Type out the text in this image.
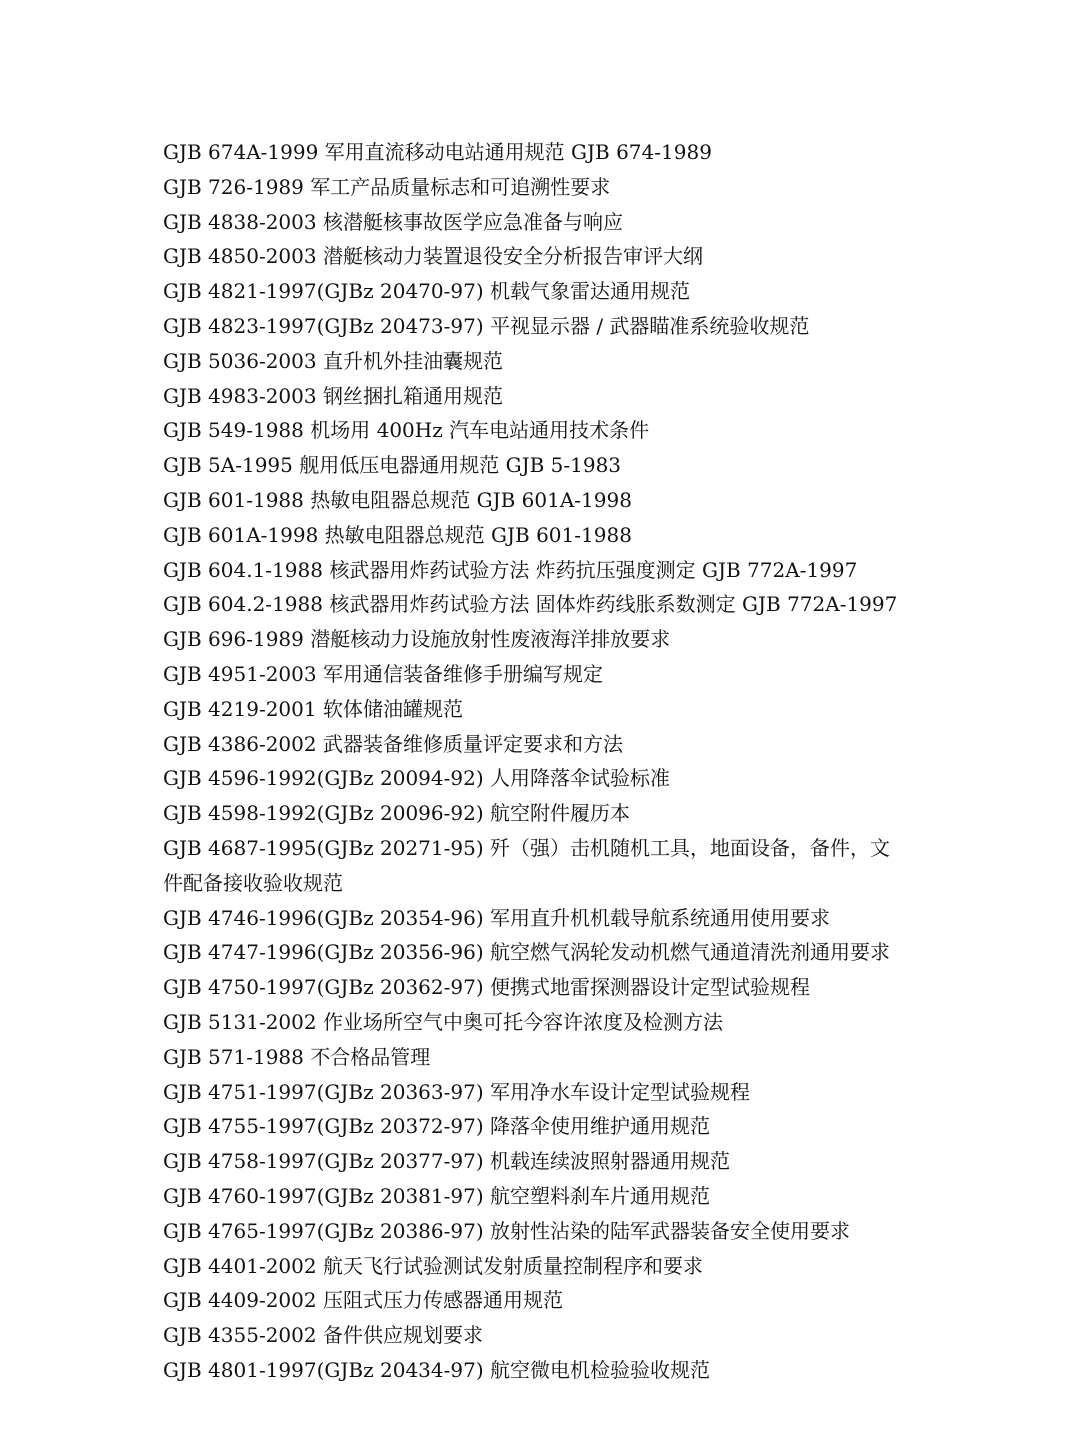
GJB 674A-1999 军用直流移动电站通用规范 GJB 674-1989
GJB 726-1989 军工产品质量标志和可追溯性要求
GJB 4838-2003 核潜艇核事故医学应急准备与响应
GJB 4850-2003 潜艇核动力装置退役安全分析报告审评大纲
GJB 4821-1997(GJBz 20470-97) 机载气象雷达通用规范
GJB 4823-1997(GJBz 20473-97) 平视显示器 / 武器瞄准系统验收规范
GJB 5036-2003 直升机外挂油囊规范
GJB 4983-2003 钢丝捆扎箱通用规范
GJB 549-1988 机场用 400Hz 汽车电站通用技术条件
GJB 5A-1995 舰用低压电器通用规范 GJB 5-1983
GJB 601-1988 热敏电阻器总规范 GJB 601A-1998
GJB 601A-1998 热敏电阻器总规范 GJB 601-1988
GJB 604.1-1988 核武器用炸药试验方法 炸药抗压强度测定 GJB 772A-1997
GJB 604.2-1988 核武器用炸药试验方法 固体炸药线胀系数测定 GJB 772A-1997
GJB 696-1989 潜艇核动力设施放射性废液海洋排放要求
GJB 4951-2003 军用通信装备维修手册编写规定
GJB 4219-2001 软体储油罐规范
GJB 4386-2002 武器装备维修质量评定要求和方法
GJB 4596-1992(GJBz 20094-92) 人用降落伞试验标准
GJB 4598-1992(GJBz 20096-92) 航空附件履历本
GJB 4687-1995(GJBz 20271-95) 歼（强）击机随机工具，地面设备，备件，文
件配备接收验收规范
GJB 4746-1996(GJBz 20354-96) 军用直升机机载导航系统通用使用要求
GJB 4747-1996(GJBz 20356-96) 航空燃气涡轮发动机燃气通道清洗剂通用要求
GJB 4750-1997(GJBz 20362-97) 便携式地雷探测器设计定型试验规程
GJB 5131-2002 作业场所空气中奥可托今容许浓度及检测方法
GJB 571-1988 不合格品管理
GJB 4751-1997(GJBz 20363-97) 军用净水车设计定型试验规程
GJB 4755-1997(GJBz 20372-97) 降落伞使用维护通用规范
GJB 4758-1997(GJBz 20377-97) 机载连续波照射器通用规范
GJB 4760-1997(GJBz 20381-97) 航空塑料刹车片通用规范
GJB 4765-1997(GJBz 20386-97) 放射性沾染的陆军武器装备安全使用要求
GJB 4401-2002 航天飞行试验测试发射质量控制程序和要求
GJB 4409-2002 压阻式压力传感器通用规范
GJB 4355-2002 备件供应规划要求
GJB 4801-1997(GJBz 20434-97) 航空微电机检验验收规范
